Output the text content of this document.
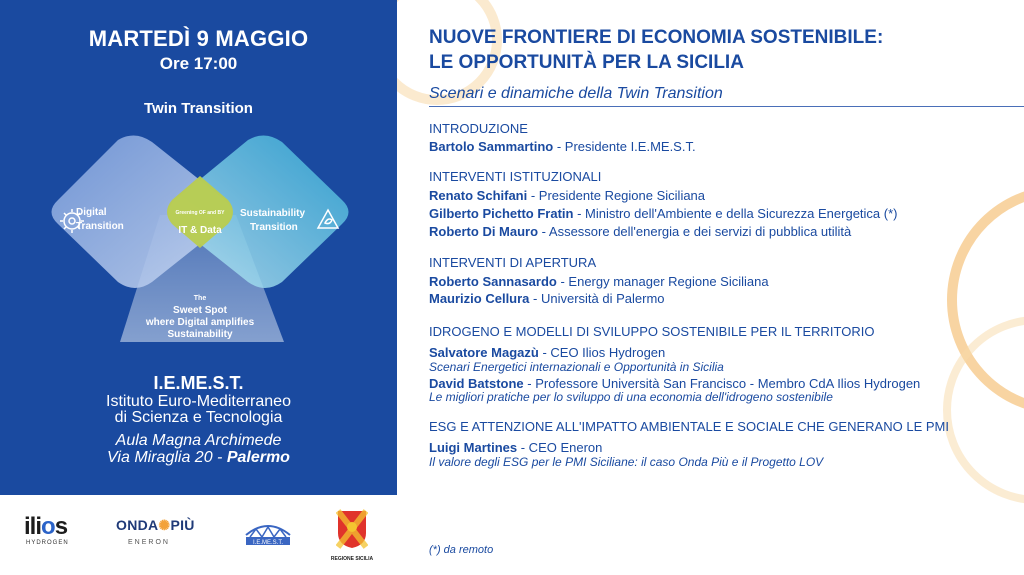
MARTEDÌ 9 MAGGIO
Ore 17:00
Twin Transition
Digital
Transition
Sustainability
Transition
Greening OF and BY
IT & Data
The
Sweet Spot
where Digital amplifies
Sustainability
I.E.ME.S.T.
Istituto Euro-Mediterraneo
di Scienza e Tecnologia
Aula Magna Archimede
Via Miraglia 20 - Palermo
ilios
HYDROGEN
ONDA✺PIÙ
ENERON	I.E.ME.S.T.
REGIONE SICILIA
NUOVE FRONTIERE DI ECONOMIA SOSTENIBILE:
LE OPPORTUNITÀ PER LA SICILIA
Scenari e dinamiche della Twin Transition
INTRODUZIONE
Bartolo Sammartino - Presidente I.E.ME.S.T.
INTERVENTI ISTITUZIONALI
Renato Schifani - Presidente Regione Siciliana
Gilberto Pichetto Fratin - Ministro dell'Ambiente e della Sicurezza Energetica (*)
Roberto Di Mauro - Assessore dell'energia e dei servizi di pubblica utilità
INTERVENTI DI APERTURA
Roberto Sannasardo - Energy manager Regione Siciliana
Maurizio Cellura - Università di Palermo
IDROGENO E MODELLI DI SVILUPPO SOSTENIBILE PER IL TERRITORIO
Salvatore Magazù - CEO Ilios Hydrogen
Scenari Energetici internazionali e Opportunità in Sicilia
David Batstone - Professore Università San Francisco - Membro CdA Ilios Hydrogen
Le migliori pratiche per lo sviluppo di una economia dell'idrogeno sostenibile
ESG E ATTENZIONE ALL'IMPATTO AMBIENTALE E SOCIALE CHE GENERANO LE PMI
Luigi Martines - CEO Eneron
Il valore degli ESG per le PMI Siciliane: il caso Onda Più e il Progetto LOV
(*) da remoto
